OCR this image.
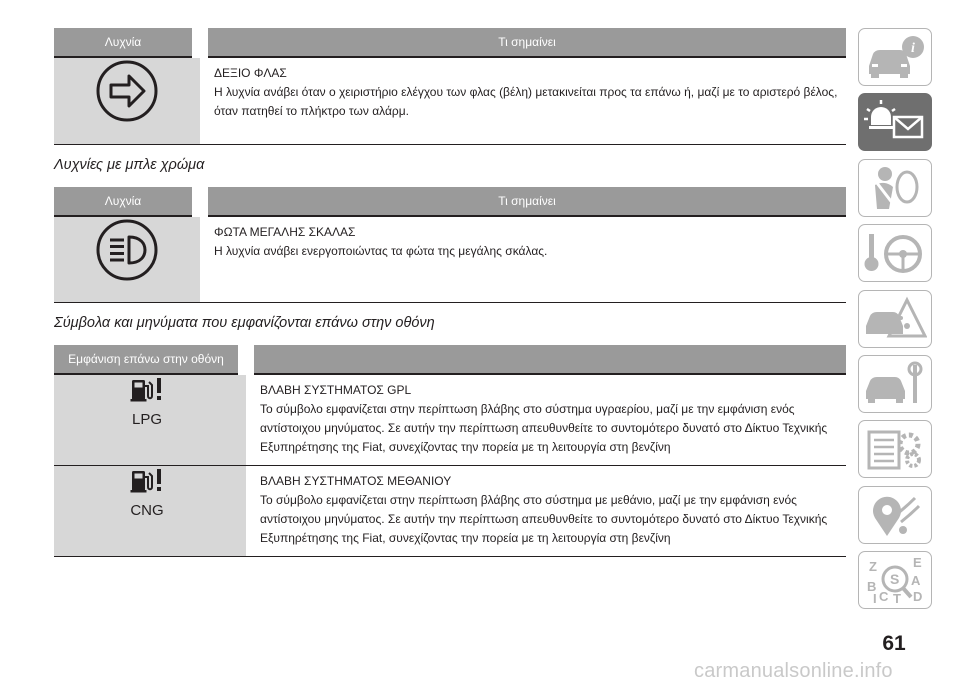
Λυχνία	Τι σημαίνει

ΔΕΞΙΟ ΦΛΑΣ
Η λυχνία ανάβει όταν ο χειριστήριο ελέγχου των φλας (βέλη) μετακινείται προς τα επάνω ή, μαζί με το αριστερό βέλος, όταν πατηθεί το πλήκτρο των αλάρμ.
Λυχνίες με μπλε χρώμα
Λυχνία	Τι σημαίνει

ΦΩΤΑ ΜΕΓΑΛΗΣ ΣΚΑΛΑΣ
Η λυχνία ανάβει ενεργοποιώντας τα φώτα της μεγάλης σκάλας.
Σύμβολα και μηνύματα που εμφανίζονται επάνω στην οθόνη
Εμφάνιση επάνω στην οθόνη	

LPG	ΒΛΑΒΗ ΣΥΣΤΗΜΑΤΟΣ GPL
Το σύμβολο εμφανίζεται στην περίπτωση βλάβης στο σύστημα υγραερίου, μαζί με την εμφάνιση ενός αντίστοιχου μηνύματος. Σε αυτήν την περίπτωση απευθυνθείτε το συντομότερο δυνατό στο Δίκτυο Τεχνικής Εξυπηρέτησης της Fiat, συνεχίζοντας την πορεία με τη λειτουργία στη βενζίνη

CNG	ΒΛΑΒΗ ΣΥΣΤΗΜΑΤΟΣ ΜΕΘΑΝΙΟΥ
Το σύμβολο εμφανίζεται στην περίπτωση βλάβης στο σύστημα με μεθάνιο, μαζί με την εμφάνιση ενός αντίστοιχου μηνύματος. Σε αυτήν την περίπτωση απευθυνθείτε το συντομότερο δυνατό στο Δίκτυο Τεχνικής Εξυπηρέτησης της Fiat, συνεχίζοντας την πορεία με τη λειτουργία στη βενζίνη
i
Z	E
S A
B
C T D
I
61
carmanualsonline.info
